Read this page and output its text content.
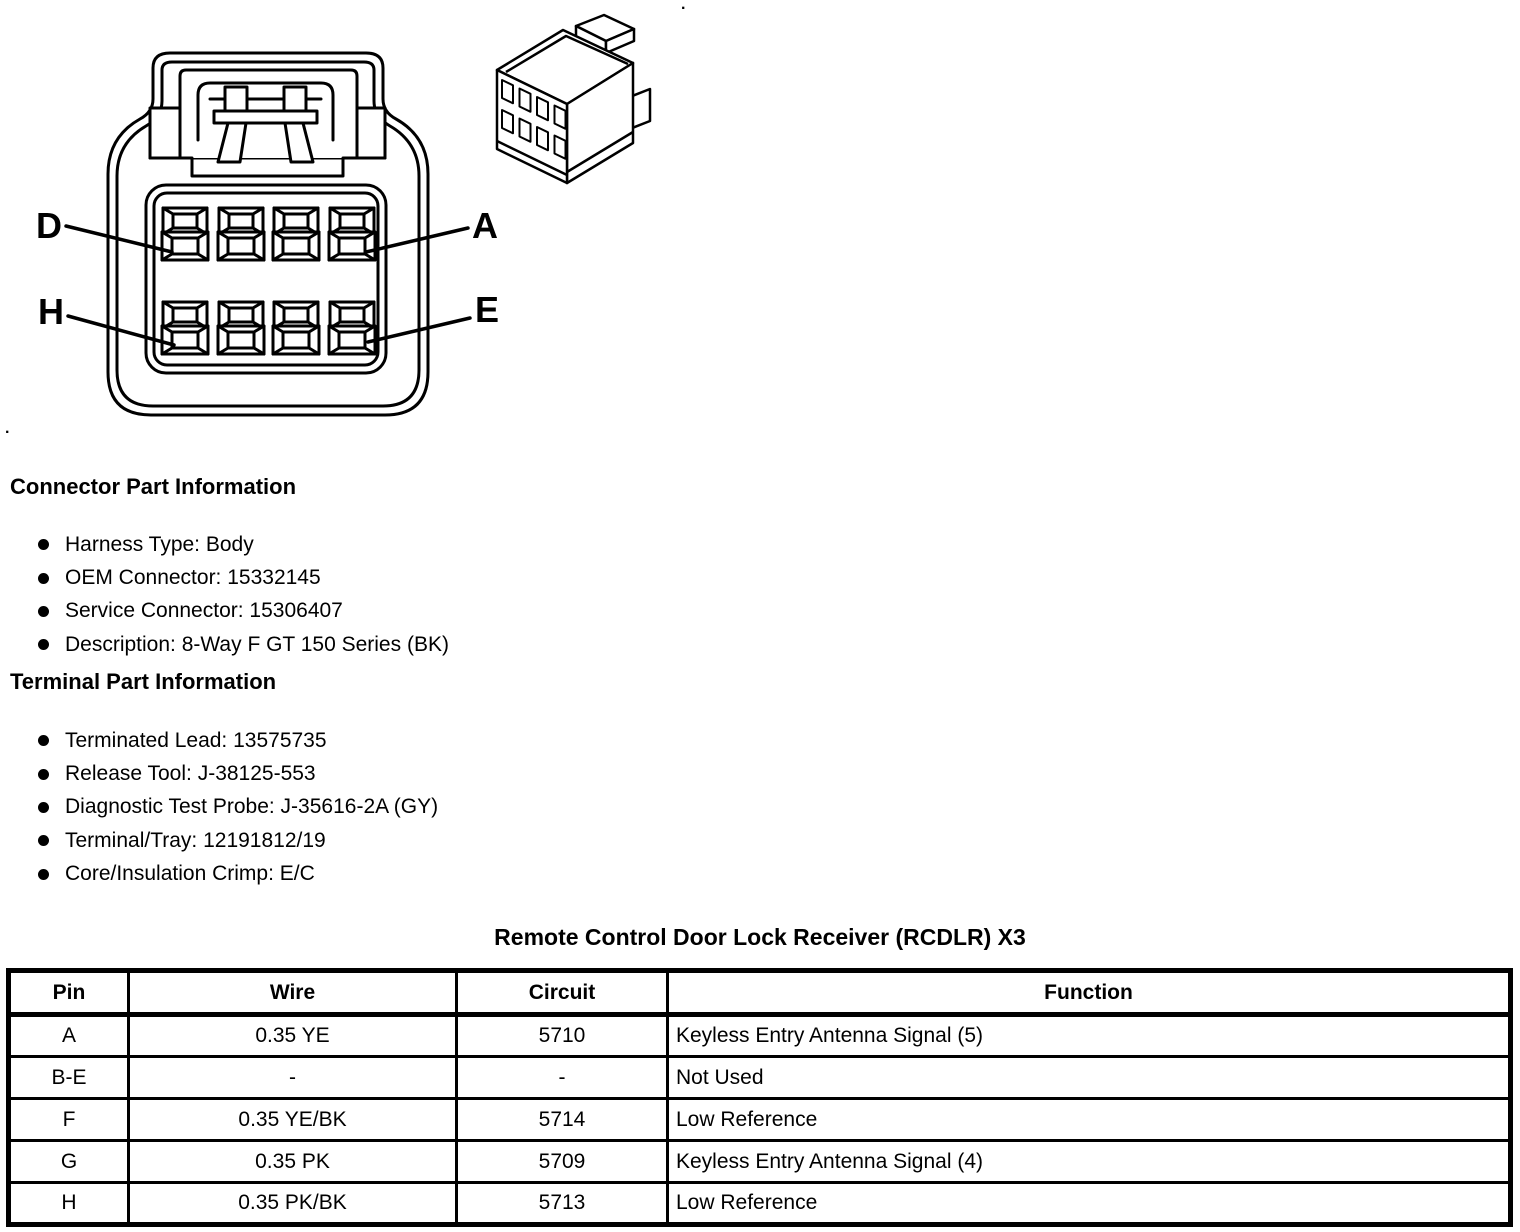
D	A
H	E
.
.
Connector Part Information
Harness Type: Body
OEM Connector: 15332145
Service Connector: 15306407
Description: 8-Way F GT 150 Series (BK)
Terminal Part Information
Terminated Lead: 13575735
Release Tool: J-38125-553
Diagnostic Test Probe: J-35616-2A (GY)
Terminal/Tray: 12191812/19
Core/Insulation Crimp: E/C
Remote Control Door Lock Receiver (RCDLR) X3
Pin	Wire	Circuit	Function
A	0.35 YE	5710	Keyless Entry Antenna Signal (5)
B-E	-	-	Not Used
F	0.35 YE/BK	5714	Low Reference
G	0.35 PK	5709	Keyless Entry Antenna Signal (4)
H	0.35 PK/BK	5713	Low Reference
